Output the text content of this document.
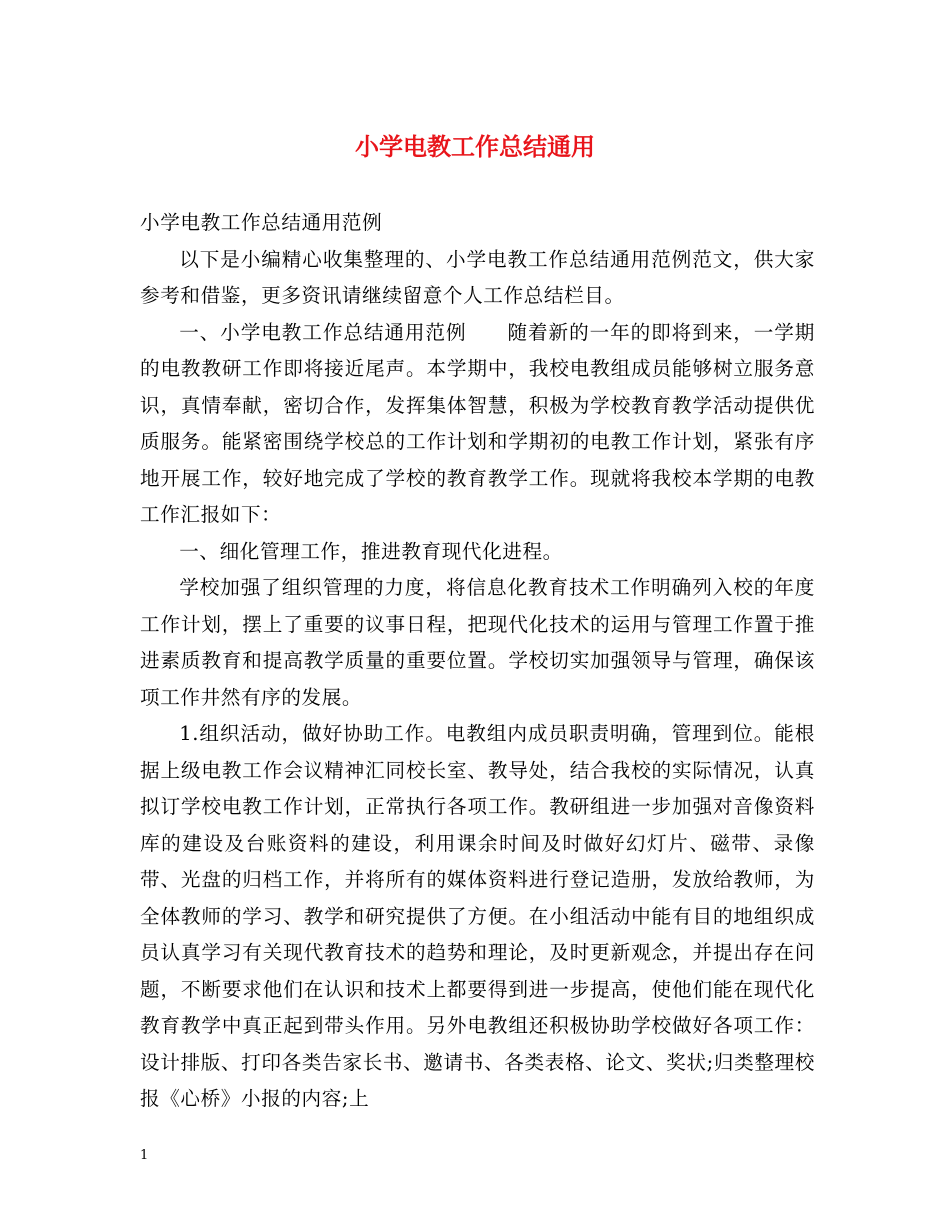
小学电教工作总结通用

小学电教工作总结通用范例

以下是小编精心收集整理的、小学电教工作总结通用范例范文，供大家参考和借鉴，更多资讯请继续留意个人工作总结栏目。

一、小学电教工作总结通用范例　　随着新的一年的即将到来，一学期的电教教研工作即将接近尾声。本学期中，我校电教组成员能够树立服务意识，真情奉献，密切合作，发挥集体智慧，积极为学校教育教学活动提供优质服务。能紧密围绕学校总的工作计划和学期初的电教工作计划，紧张有序地开展工作，较好地完成了学校的教育教学工作。现就将我校本学期的电教工作汇报如下：

一、细化管理工作，推进教育现代化进程。

学校加强了组织管理的力度，将信息化教育技术工作明确列入校的年度工作计划，摆上了重要的议事日程，把现代化技术的运用与管理工作置于推进素质教育和提高教学质量的重要位置。学校切实加强领导与管理，确保该项工作井然有序的发展。

1.组织活动，做好协助工作。电教组内成员职责明确，管理到位。能根据上级电教工作会议精神汇同校长室、教导处，结合我校的实际情况，认真拟订学校电教工作计划，正常执行各项工作。教研组进一步加强对音像资料库的建设及台账资料的建设，利用课余时间及时做好幻灯片、磁带、录像带、光盘的归档工作，并将所有的媒体资料进行登记造册，发放给教师，为全体教师的学习、教学和研究提供了方便。在小组活动中能有目的地组织成员认真学习有关现代教育技术的趋势和理论，及时更新观念，并提出存在问题，不断要求他们在认识和技术上都要得到进一步提高，使他们能在现代化教育教学中真正起到带头作用。另外电教组还积极协助学校做好各项工作：设计排版、打印各类告家长书、邀请书、各类表格、论文、奖状;归类整理校报《心桥》小报的内容;上

1
